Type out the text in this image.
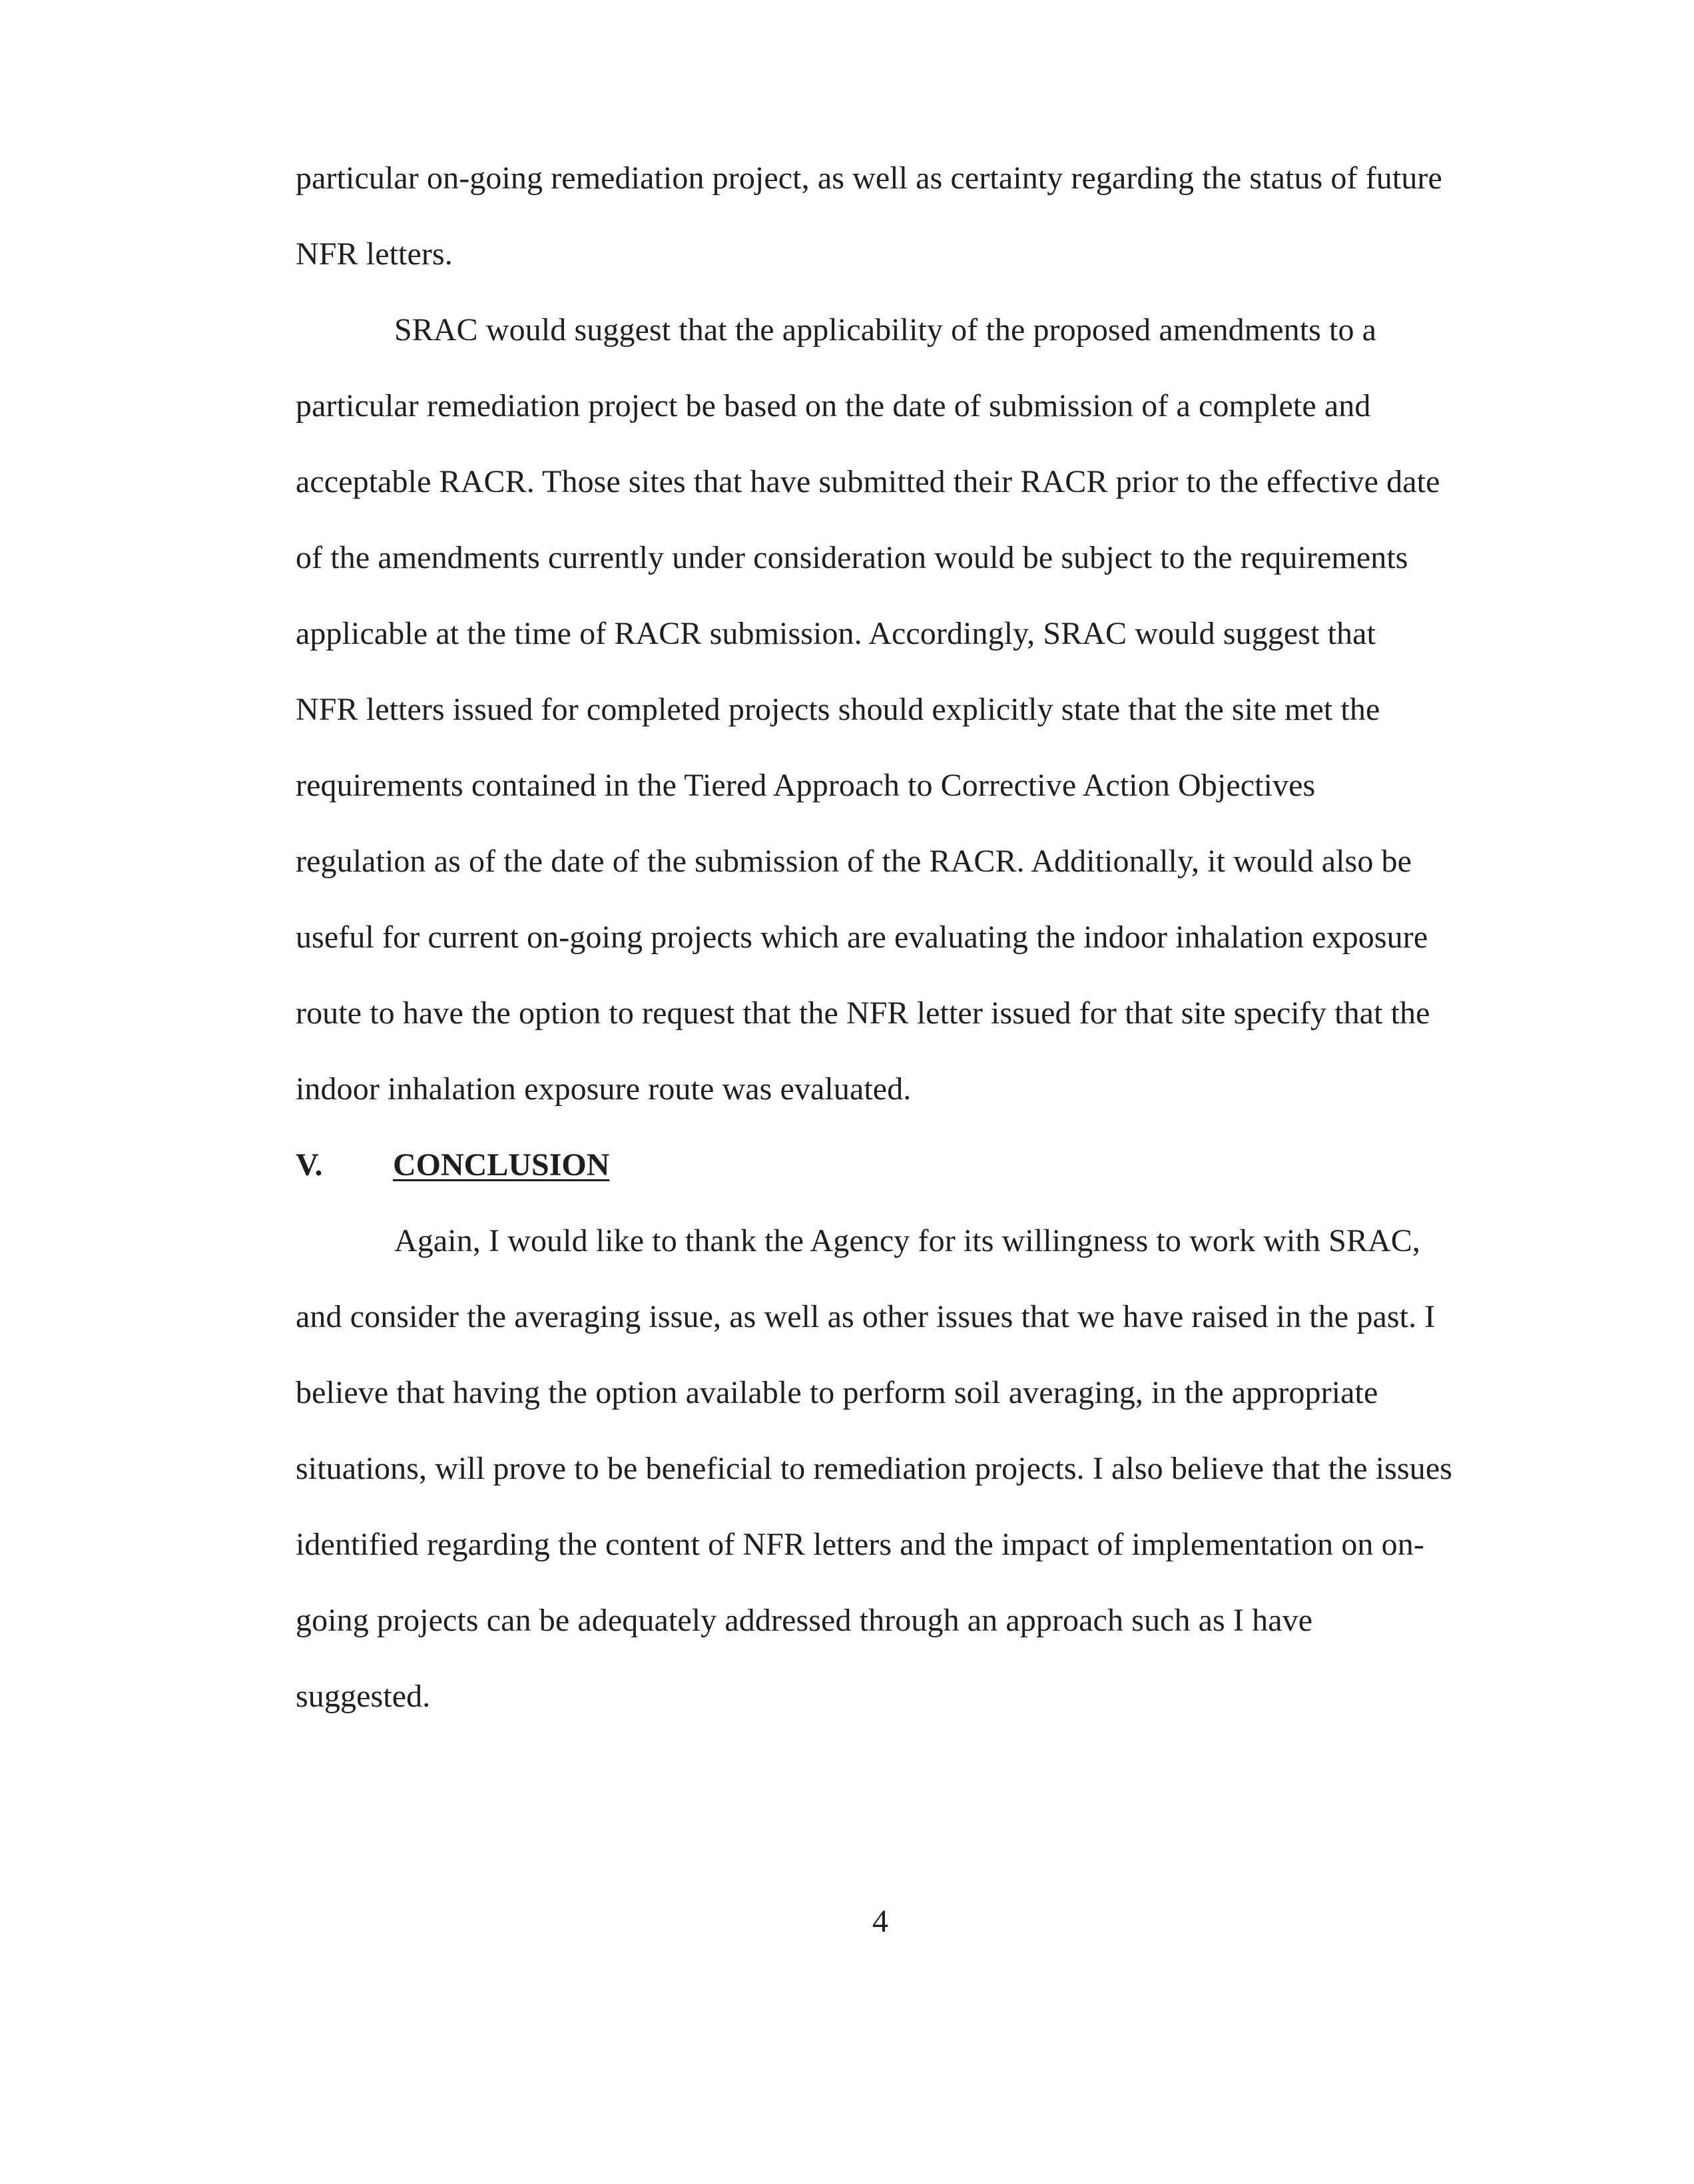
particular on-going remediation project, as well as certainty regarding the status of future
NFR letters.
SRAC would suggest that the applicability of the proposed amendments to a
particular remediation project be based on the date of submission of a complete and
acceptable RACR. Those sites that have submitted their RACR prior to the effective date
of the amendments currently under consideration would be subject to the requirements
applicable at the time of RACR submission. Accordingly, SRAC would suggest that
NFR letters issued for completed projects should explicitly state that the site met the
requirements contained in the Tiered Approach to Corrective Action Objectives
regulation as of the date of the submission of the RACR. Additionally, it would also be
useful for current on-going projects which are evaluating the indoor inhalation exposure
route to have the option to request that the NFR letter issued for that site specify that the
indoor inhalation exposure route was evaluated.
V. CONCLUSION
Again, I would like to thank the Agency for its willingness to work with SRAC,
and consider the averaging issue, as well as other issues that we have raised in the past. I
believe that having the option available to perform soil averaging, in the appropriate
situations, will prove to be beneficial to remediation projects. I also believe that the issues
identified regarding the content of NFR letters and the impact of implementation on on-
going projects can be adequately addressed through an approach such as I have
suggested.
4
